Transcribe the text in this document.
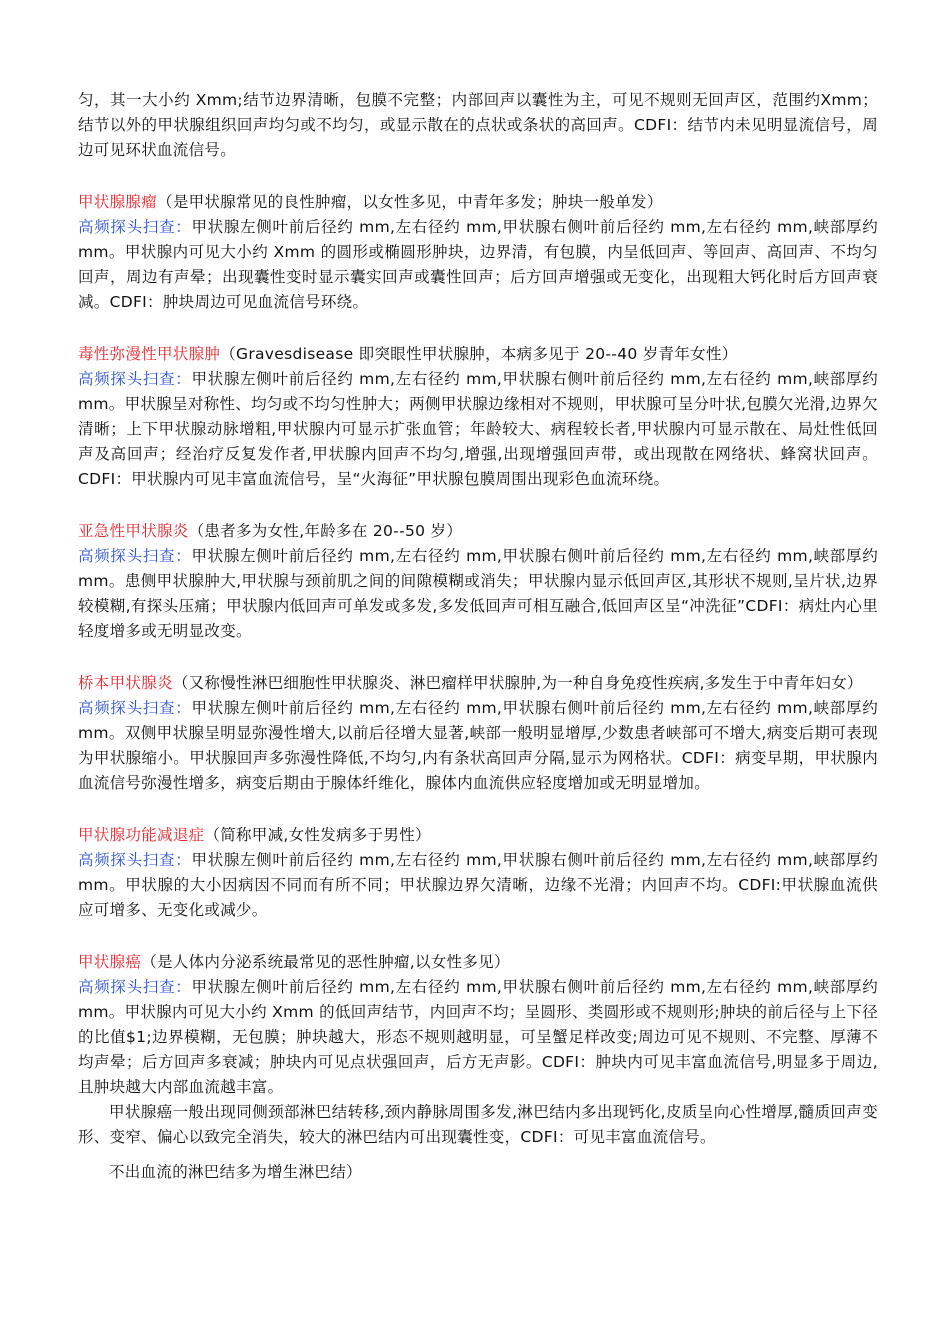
匀，其一大小约 Xmm;结节边界清晰，包膜不完整；内部回声以囊性为主，可见不规则无回声区，范围约Xmm；结节以外的甲状腺组织回声均匀或不均匀，或显示散在的点状或条状的高回声。CDFI：结节内未见明显流信号，周边可见环状血流信号。

甲状腺腺瘤（是甲状腺常见的良性肿瘤，以女性多见，中青年多发；肿块一般单发）

高频探头扫查：甲状腺左侧叶前后径约 mm,左右径约 mm,甲状腺右侧叶前后径约 mm,左右径约 mm,峡部厚约mm。甲状腺内可见大小约 Xmm 的圆形或椭圆形肿块，边界清，有包膜，内呈低回声、等回声、高回声、不均匀回声，周边有声晕；出现囊性变时显示囊实回声或囊性回声；后方回声增强或无变化，出现粗大钙化时后方回声衰减。CDFI：肿块周边可见血流信号环绕。

毒性弥漫性甲状腺肿（Gravesdisease 即突眼性甲状腺肿，本病多见于 20--40 岁青年女性）

高频探头扫查：甲状腺左侧叶前后径约 mm,左右径约 mm,甲状腺右侧叶前后径约 mm,左右径约 mm,峡部厚约mm。甲状腺呈对称性、均匀或不均匀性肿大；两侧甲状腺边缘相对不规则，甲状腺可呈分叶状,包膜欠光滑,边界欠清晰；上下甲状腺动脉增粗,甲状腺内可显示扩张血管；年龄较大、病程较长者,甲状腺内可显示散在、局灶性低回声及高回声；经治疗反复发作者,甲状腺内回声不均匀,增强,出现增强回声带，或出现散在网络状、蜂窝状回声。CDFI：甲状腺内可见丰富血流信号，呈“火海征”甲状腺包膜周围出现彩色血流环绕。

亚急性甲状腺炎（患者多为女性,年龄多在 20--50 岁）

高频探头扫查：甲状腺左侧叶前后径约 mm,左右径约 mm,甲状腺右侧叶前后径约 mm,左右径约 mm,峡部厚约mm。患侧甲状腺肿大,甲状腺与颈前肌之间的间隙模糊或消失；甲状腺内显示低回声区,其形状不规则,呈片状,边界较模糊,有探头压痛；甲状腺内低回声可单发或多发,多发低回声可相互融合,低回声区呈“冲洗征”CDFI：病灶内心里轻度增多或无明显改变。

桥本甲状腺炎（又称慢性淋巴细胞性甲状腺炎、淋巴瘤样甲状腺肿,为一种自身免疫性疾病,多发生于中青年妇女）

高频探头扫查：甲状腺左侧叶前后径约 mm,左右径约 mm,甲状腺右侧叶前后径约 mm,左右径约 mm,峡部厚约mm。双侧甲状腺呈明显弥漫性增大,以前后径增大显著,峡部一般明显增厚,少数患者峡部可不增大,病变后期可表现为甲状腺缩小。甲状腺回声多弥漫性降低,不均匀,内有条状高回声分隔,显示为网格状。CDFI：病变早期，甲状腺内血流信号弥漫性增多，病变后期由于腺体纤维化，腺体内血流供应轻度增加或无明显增加。

甲状腺功能减退症（简称甲减,女性发病多于男性）

高频探头扫查：甲状腺左侧叶前后径约 mm,左右径约 mm,甲状腺右侧叶前后径约 mm,左右径约 mm,峡部厚约mm。甲状腺的大小因病因不同而有所不同；甲状腺边界欠清晰，边缘不光滑；内回声不均。CDFI:甲状腺血流供应可增多、无变化或减少。

甲状腺癌（是人体内分泌系统最常见的恶性肿瘤,以女性多见）

高频探头扫查：甲状腺左侧叶前后径约 mm,左右径约 mm,甲状腺右侧叶前后径约 mm,左右径约 mm,峡部厚约mm。甲状腺内可见大小约 Xmm 的低回声结节，内回声不均；呈圆形、类圆形或不规则形;肿块的前后径与上下径的比值$1;边界模糊，无包膜；肿块越大，形态不规则越明显，可呈蟹足样改变;周边可见不规则、不完整、厚薄不均声晕；后方回声多衰减；肿块内可见点状强回声，后方无声影。CDFI：肿块内可见丰富血流信号,明显多于周边,且肿块越大内部血流越丰富。

甲状腺癌一般出现同侧颈部淋巴结转移,颈内静脉周围多发,淋巴结内多出现钙化,皮质呈向心性增厚,髓质回声变形、变窄、偏心以致完全消失，较大的淋巴结内可出现囊性变，CDFI：可见丰富血流信号。

不出血流的淋巴结多为增生淋巴结）
